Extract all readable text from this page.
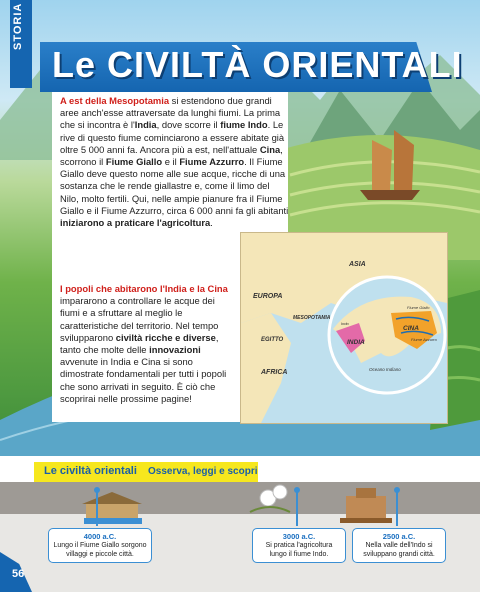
STORIA
Le CIVILTÀ ORIENTALI
A est della Mesopotamia si estendono due grandi aree anch'esse attraversate da lunghi fiumi. La prima che si incontra è l'India, dove scorre il fiume Indo. Le rive di questo fiume cominciarono a essere abitate già oltre 5 000 anni fa. Ancora più a est, nell'attuale Cina, scorrono il Fiume Giallo e il Fiume Azzurro. Il Fiume Giallo deve questo nome alle sue acque, ricche di una sostanza che le rende giallastre e, come il limo del Nilo, molto fertili. Qui, nelle ampie pianure fra il Fiume Giallo e il Fiume Azzurro, circa 6 000 anni fa gli abitanti iniziarono a praticare l'agricoltura.
I popoli che abitarono l'India e la Cina impararono a controllare le acque dei fiumi e a sfruttare al meglio le caratteristiche del territorio. Nel tempo svilupparono civiltà ricche e diverse, tanto che molte delle innovazioni avvenute in India e Cina si sono dimostrate fondamentali per tutti i popoli che sono arrivati in seguito. È ciò che scoprirai nelle prossime pagine!
ASIA
EUROPA
MESOPOTAMIA
EGITTO
AFRICA
INDIA
CINA
Oceano Indiano
Fiume Giallo
Fiume Azzurro
Indo
Le civiltà orientali Osserva, leggi e scopri
4000 a.C.
Lungo il Fiume Giallo sorgono villaggi e piccole città.
3000 a.C.
Si pratica l'agricoltura lungo il fiume Indo.
2500 a.C.
Nella valle dell'Indo si sviluppano grandi città.
56
